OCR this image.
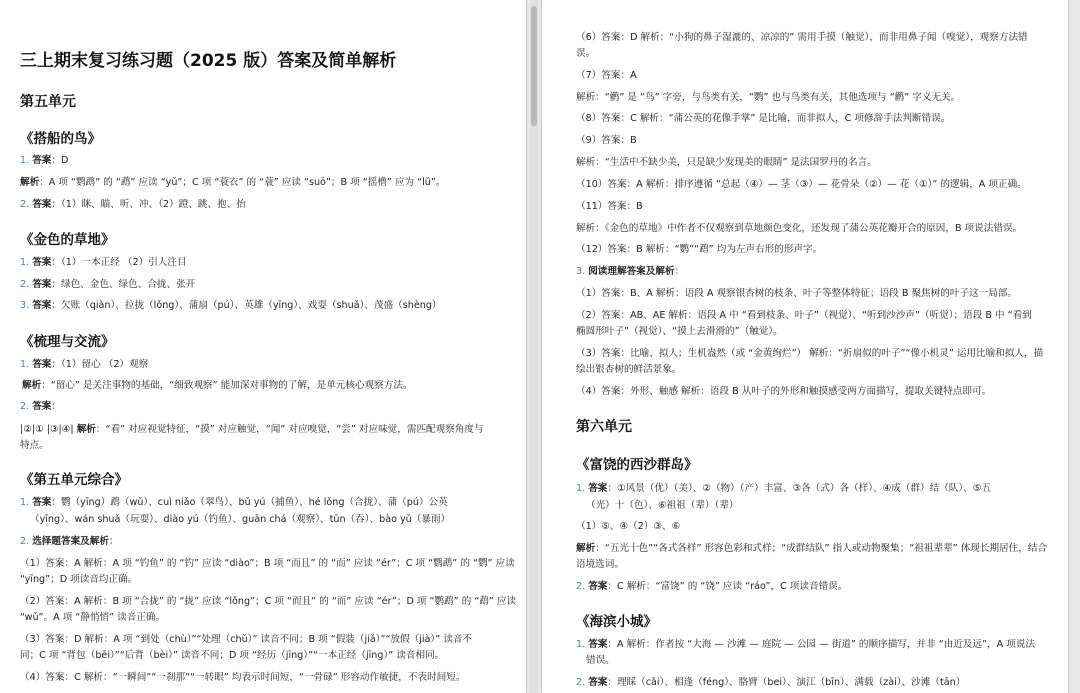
三上期末复习练习题（2025 版）答案及简单解析
第五单元
《搭船的鸟》
1. 答案：D
解析：A 项 “鹦鹉” 的 “鹉” 应读 “yǔ”；C 项 “蓑衣” 的 “蓑” 应读 “suō”；B 项 “摇橹” 应为 “lǔ”。
2. 答案：（1）眯、瞄、听、冲、（2）蹬、跳、抱、抬
《金色的草地》
1. 答案：（1）一本正经 （2）引人注目
2. 答案：绿色、金色、绿色、合拢、张开
3. 答案：欠账（qiàn）、拉拢（lǒng）、蒲扇（pú）、英雄（yīng）、戏耍（shuǎ）、茂盛（shèng）
《梳理与交流》
1. 答案：（1）留心 （2）观察
解析：“留心” 是关注事物的基础，“细致观察” 能加深对事物的了解，是单元核心观察方法。
2. 答案：
|②|① |③|④| 解析：“看” 对应视觉特征，“摸” 对应触觉，“闻” 对应嗅觉，“尝” 对应味觉，需匹配观察角度与
特点。
《第五单元综合》
1. 答案：鹦（yīng）鹉（wǔ）、cuì niǎo（翠鸟）、bǔ yú（捕鱼）、hé lǒng（合拢）、蒲（pú）公英
（yīng）、wán shuǎ（玩耍）、diào yú（钓鱼）、guān chá（观察）、tūn（吞）、bào yǔ（暴雨）
2. 选择题答案及解析：
（1）答案：A 解析：A 项 “钓鱼” 的 “钓” 应读 “diào”；B 项 “而且” 的 “而” 应读 “ér”；C 项 “鹦鹉” 的 “鹦” 应读
“yīng”；D 项读音均正确。
（2）答案：A 解析：B 项 “合拢” 的 “拢” 应读 “lǒng”；C 项 “而且” 的 “而” 应读 “ér”；D 项 “鹦鹉” 的 “鹉” 应读
“wǔ”。A 项 “静悄悄” 读音正确。
（3）答案：D 解析：A 项 “到处（chù）”“处理（chǔ）” 读音不同；B 项 “假装（jiǎ）”“放假（jià）” 读音不
同；C 项 “背包（bēi）”“后背（bèi）” 读音不同；D 项 “经历（jīng）”“一本正经（jīng）” 读音相同。
（4）答案：C 解析：“一瞬间”“一刹那”“一转眼” 均表示时间短，“一骨碌” 形容动作敏捷，不表时间短。
（6）答案：D 解析：“小狗的鼻子湿漉的、凉凉的” 需用手摸（触觉），而非用鼻子闻（嗅觉），观察方法错
误。
（7）答案：A
解析：“鹳” 是 “鸟” 字旁，与鸟类有关，“鹦” 也与鸟类有关，其他选项与 “鹳” 字义无关。
（8）答案：C 解析：“蒲公英的花像手掌” 是比喻，而非拟人，C 项修辞手法判断错误。
（9）答案：B
解析：“生活中不缺少美，只是缺少发现美的眼睛” 是法国罗丹的名言。
（10）答案：A 解析：排序遵循 “总起（④）— 茎（③）— 花骨朵（②）— 花（①）” 的逻辑，A 项正确。
（11）答案：B
解析：《金色的草地》中作者不仅观察到草地颜色变化，还发现了蒲公英花瓣开合的原因，B 项说法错误。
（12）答案：B 解析：“鹦”“鹉” 均为左声右形的形声字。
3. 阅读理解答案及解析：
（1）答案：B、A 解析：语段 A 观察银杏树的枝条、叶子等整体特征；语段 B 聚焦树的叶子这一局部。
（2）答案：AB、AE 解析：语段 A 中 “看到枝条、叶子”（视觉）、“听到沙沙声”（听觉）；语段 B 中 “看到
椭圆形叶子”（视觉）、“摸上去滑滑的”（触觉）。
（3）答案：比喻、拟人；生机盎然（或 “金黄绚烂”） 解析：“折扇似的叶子”“像小机灵” 运用比喻和拟人，描
绘出银杏树的鲜活景象。
（4）答案：外形、触感 解析：语段 B 从叶子的外形和触摸感受两方面描写，提取关键特点即可。
第六单元
《富饶的西沙群岛》
1. 答案：①风景（优）（美）、②（物）（产）丰富、③各（式）各（样）、④成（群）结（队）、⑤五
（光）十（色）、⑥祖祖（辈）（辈）
（1）⑤、④（2）③、⑥
解析：“五光十色”“各式各样” 形容色彩和式样；“成群结队” 指人或动物聚集；“祖祖辈辈” 体现长期居住，结合
语境选词。
2. 答案：C 解析：“富饶” 的 “饶” 应读 “ráo”，C 项读音错误。
《海滨小城》
1. 答案：A 解析：作者按 “大海 — 沙滩 — 庭院 — 公园 — 街道” 的顺序描写，并非 “由近及远”，A 项说法
错误。
2. 答案：理睬（cǎi）、相逢（féng）、胳臂（bei）、演江（bīn）、满载（zài）、沙滩（tān）
